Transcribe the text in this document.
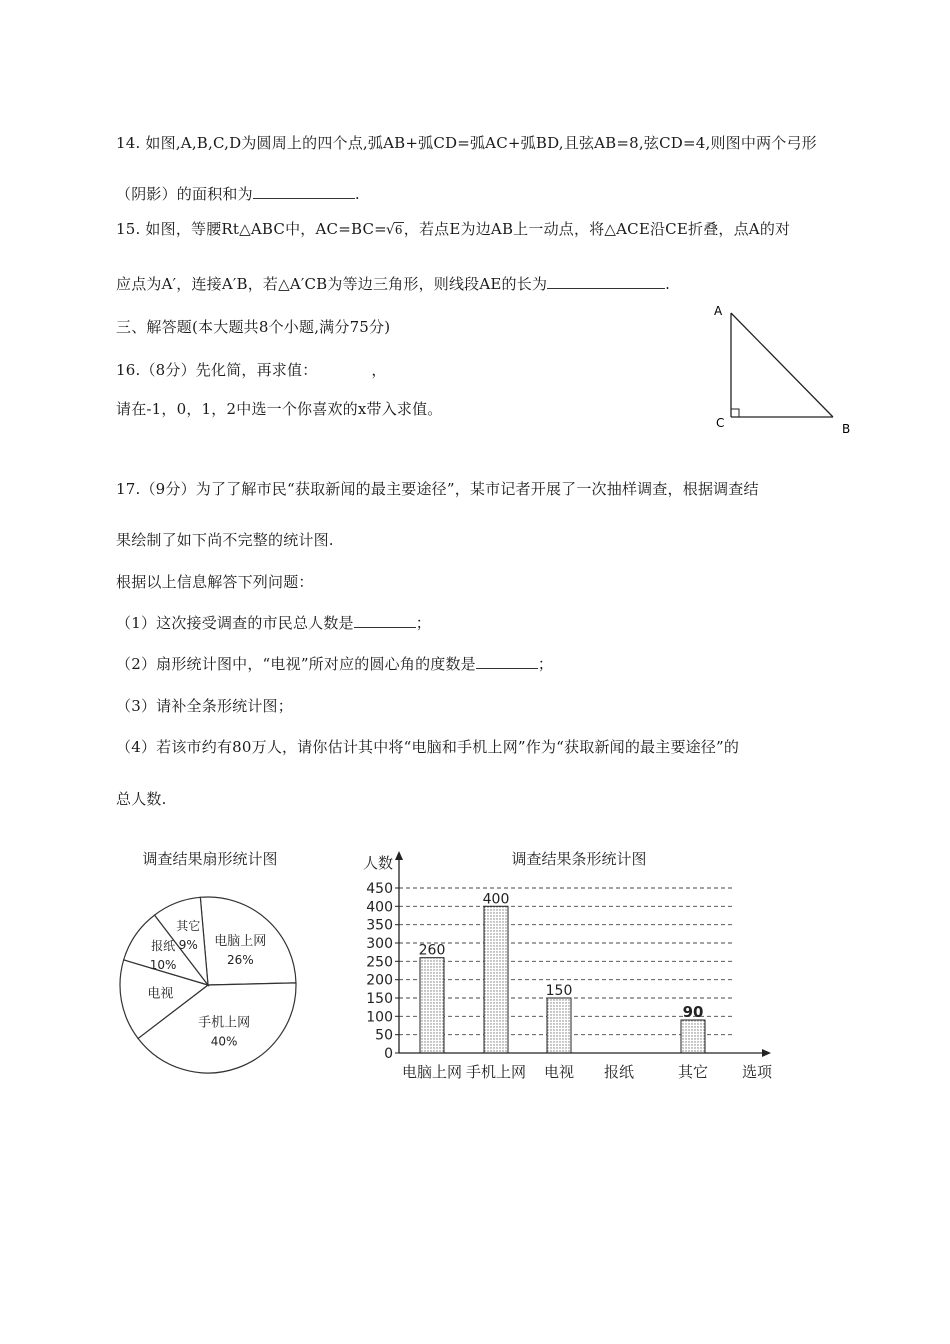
14. 如图,A,B,C,D为圆周上的四个点,弧AB+弧CD=弧AC+弧BD,且弦AB=8,弦CD=4,则图中两个弓形
（阴影）的面积和为	.
15. 如图，等腰Rt△ABC中，AC=BC=√ 6，若点E为边AB上一动点，将△ACE沿CE折叠，点A的对
应点为A′，连接A′B，若△A′CB为等边三角形，则线段AE的长为	.
三、解答题(本大题共8个小题,满分75分)
16.（8分）先化简，再求值：	，
请在-1，0，1，2中选一个你喜欢的x带入求值。
A
C	B
17.（9分）为了了解市民“获取新闻的最主要途径”，某市记者开展了一次抽样调查，根据调查结
果绘制了如下尚不完整的统计图.
根据以上信息解答下列问题：
（1）这次接受调查的市民总人数是	；
（2）扇形统计图中，“电视”所对应的圆心角的度数是	；
（3）请补全条形统计图；
（4）若该市约有80万人，请你估计其中将“电脑和手机上网”作为“获取新闻的最主要途径”的
总人数.
调查结果扇形统计图
电脑上网
26%
手机上网
40%
电视
报纸
10%
其它
9%
调查结果条形统计图
人数
选项
0
50
100
150
200
250
300
350
400
450
260
电脑上网
400
手机上网
150
电视 报纸
90
其它
